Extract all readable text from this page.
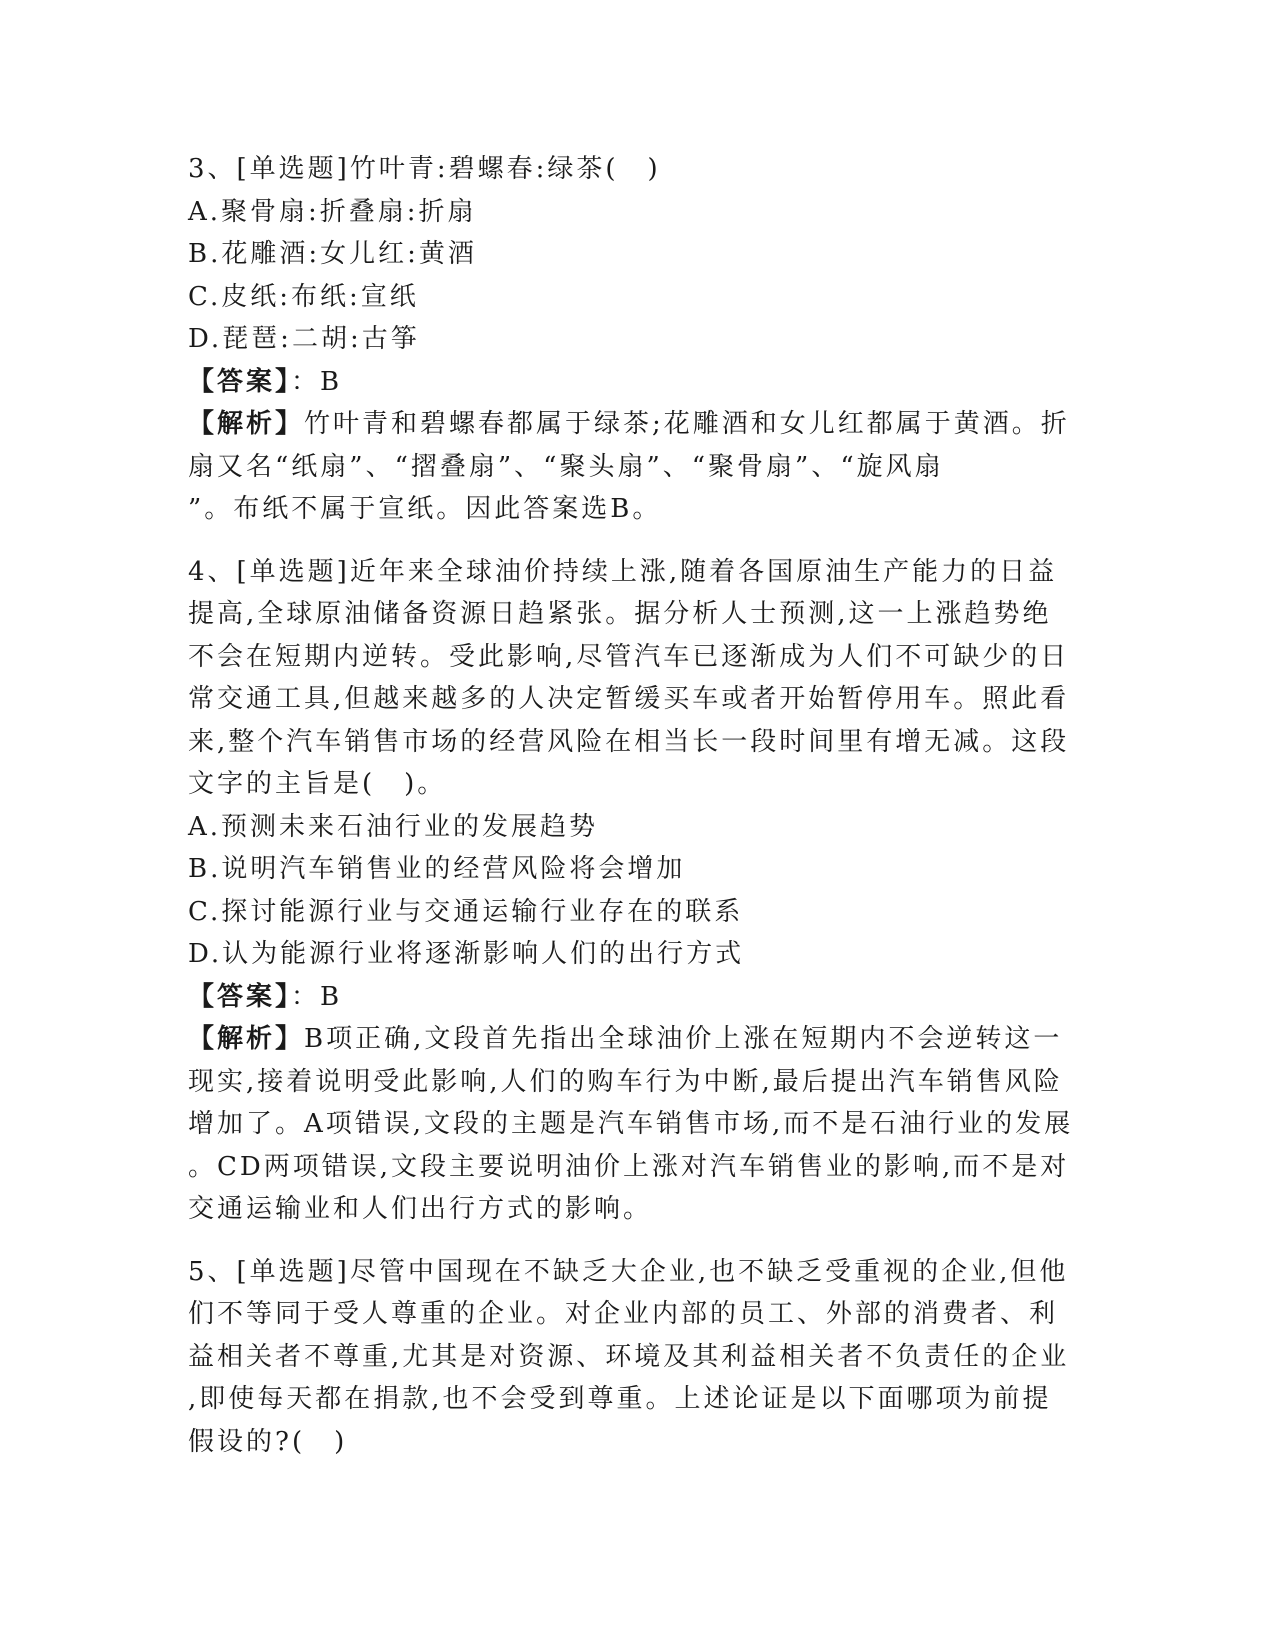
3、[单选题]竹叶青:碧螺春:绿茶(　)

A.聚骨扇:折叠扇:折扇

B.花雕酒:女儿红:黄酒

C.皮纸:布纸:宣纸

D.琵琶:二胡:古筝

【答案】：B

【解析】竹叶青和碧螺春都属于绿茶;花雕酒和女儿红都属于黄酒。折

扇又名“纸扇”、“摺叠扇”、“聚头扇”、“聚骨扇”、“旋风扇

”。布纸不属于宣纸。因此答案选B。

4、[单选题]近年来全球油价持续上涨,随着各国原油生产能力的日益

提高,全球原油储备资源日趋紧张。据分析人士预测,这一上涨趋势绝

不会在短期内逆转。受此影响,尽管汽车已逐渐成为人们不可缺少的日

常交通工具,但越来越多的人决定暂缓买车或者开始暂停用车。照此看

来,整个汽车销售市场的经营风险在相当长一段时间里有增无减。这段

文字的主旨是(　)。

A.预测未来石油行业的发展趋势

B.说明汽车销售业的经营风险将会增加

C.探讨能源行业与交通运输行业存在的联系

D.认为能源行业将逐渐影响人们的出行方式

【答案】：B

【解析】B项正确,文段首先指出全球油价上涨在短期内不会逆转这一

现实,接着说明受此影响,人们的购车行为中断,最后提出汽车销售风险

增加了。A项错误,文段的主题是汽车销售市场,而不是石油行业的发展

。CD两项错误,文段主要说明油价上涨对汽车销售业的影响,而不是对

交通运输业和人们出行方式的影响。

5、[单选题]尽管中国现在不缺乏大企业,也不缺乏受重视的企业,但他

们不等同于受人尊重的企业。对企业内部的员工、外部的消费者、利

益相关者不尊重,尤其是对资源、环境及其利益相关者不负责任的企业

,即使每天都在捐款,也不会受到尊重。上述论证是以下面哪项为前提

假设的?(　)
